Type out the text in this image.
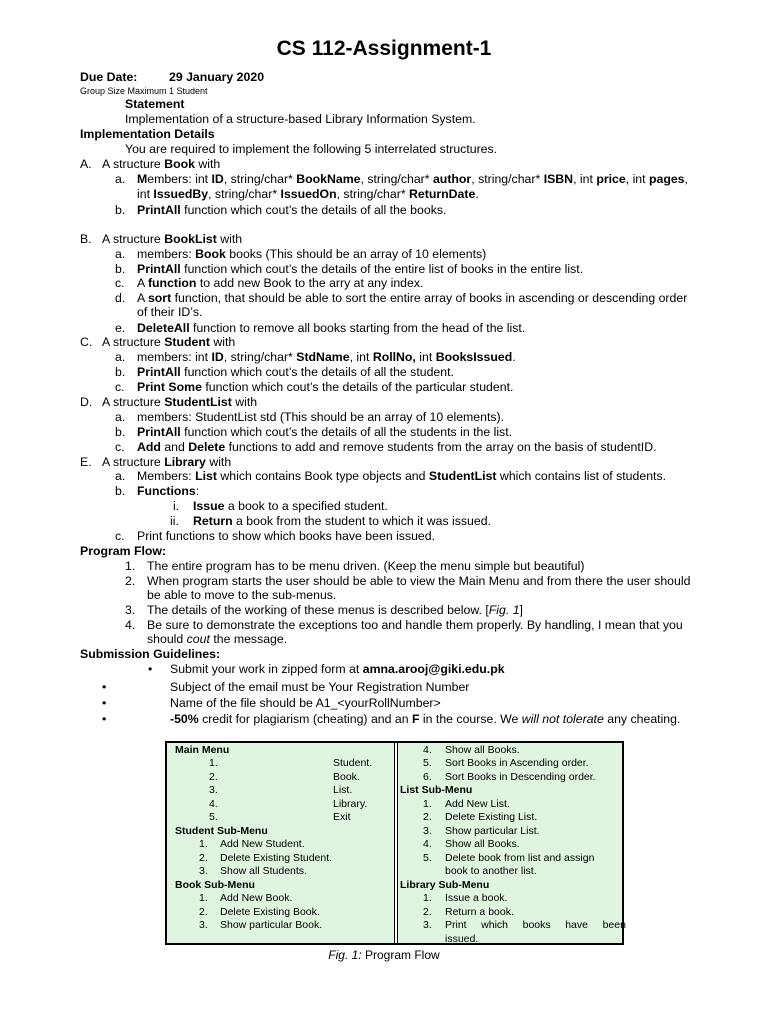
CS 112-Assignment-1
Due Date:	29 January 2020
Group Size Maximum 1 Student
Statement
Implementation of a structure-based Library Information System.
Implementation Details
You are required to implement the following 5 interrelated structures.
A. A structure Book with
a. Members: int ID, string/char* BookName, string/char* author, string/char* ISBN, int price, int pages,
int IssuedBy, string/char* IssuedOn, string/char* ReturnDate.
b. PrintAll function which cout’s the details of all the books.
B. A structure BookList with
a. members: Book books (This should be an array of 10 elements)
b. PrintAll function which cout’s the details of the entire list of books in the entire list.
c. A function to add new Book to the arry at any index.
d. A sort function, that should be able to sort the entire array of books in ascending or descending order
of their ID’s.
e. DeleteAll function to remove all books starting from the head of the list.
C. A structure Student with
a. members: int ID, string/char* StdName, int RollNo, int BooksIssued.
b. PrintAll function which cout’s the details of all the student.
c. Print Some function which cout’s the details of the particular student.
D. A structure StudentList with
a. members: StudentList std (This should be an array of 10 elements).
b. PrintAll function which cout’s the details of all the students in the list.
c. Add and Delete functions to add and remove students from the array on the basis of studentID.
E. A structure Library with
a. Members: List which contains Book type objects and StudentList which contains list of students.
b. Functions:
i. Issue a book to a specified student.
ii. Return a book from the student to which it was issued.
c. Print functions to show which books have been issued.
Program Flow:
1. The entire program has to be menu driven. (Keep the menu simple but beautiful)
2. When program starts the user should be able to view the Main Menu and from there the user should
be able to move to the sub-menus.
3. The details of the working of these menus is described below. [Fig. 1]
4. Be sure to demonstrate the exceptions too and handle them properly. By handling, I mean that you
should cout the message.
Submission Guidelines:
• Submit your work in zipped form at amna.arooj@giki.edu.pk
•	Subject of the email must be Your Registration Number
•	Name of the file should be A1_<yourRollNumber>
•	-50% credit for plagiarism (cheating) and an F in the course. We will not tolerate any cheating.
Main Menu
1.	Student.
2.	Book.
3.	List.
4.	Library.
5.	Exit
Student Sub-Menu
1. Add New Student.
2. Delete Existing Student.
3. Show all Students.
Book Sub-Menu
1. Add New Book.
2. Delete Existing Book.
3. Show particular Book.
4. Show all Books.
5. Sort Books in Ascending order.
6. Sort Books in Descending order.
List Sub-Menu
1. Add New List.
2. Delete Existing List.
3. Show particular List.
4. Show all Books.
5. Delete book from list and assign
book to another list.
Library Sub-Menu
1. Issue a book.
2. Return a book.
3. Print     which     books     have     been
issued.
Fig. 1: Program Flow
